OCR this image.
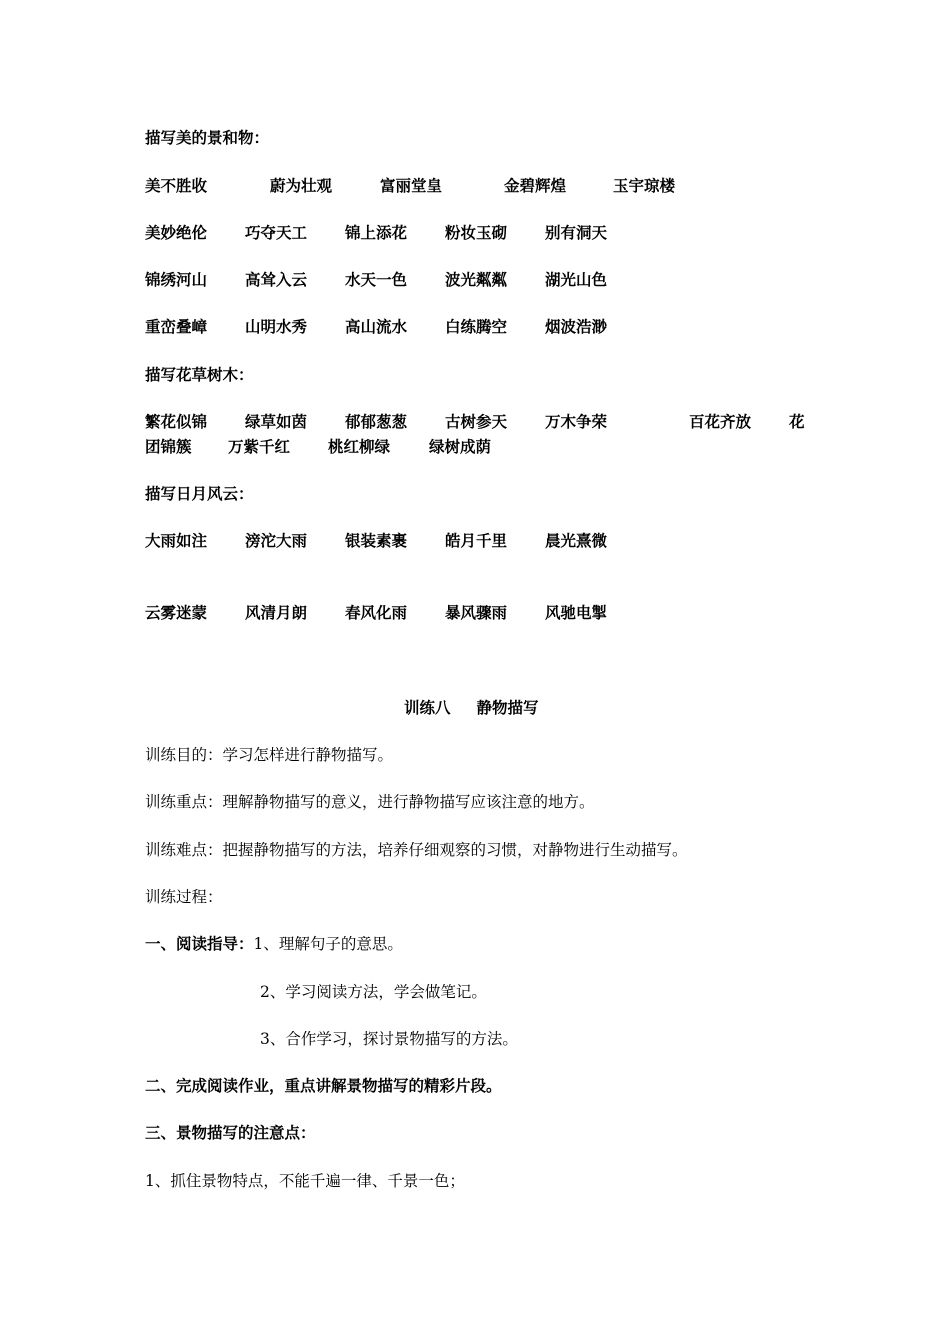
描写美的景和物：
美不胜收	蔚为壮观	富丽堂皇	金碧辉煌	玉宇琼楼
美妙绝伦 巧夺天工 锦上添花 粉妆玉砌 别有洞天
锦绣河山 高耸入云 水天一色 波光粼粼 湖光山色
重峦叠嶂 山明水秀 高山流水 白练腾空 烟波浩渺
描写花草树木：
繁花似锦 绿草如茵 郁郁葱葱 古树参天 万木争荣	百花齐放 花
团锦簇 万紫千红 桃红柳绿	绿树成荫
描写日月风云：
大雨如注 滂沱大雨 银装素裹 皓月千里 晨光熹微
云雾迷蒙 风清月朗 春风化雨 暴风骤雨 风驰电掣
训练八 静物描写
训练目的：学习怎样进行静物描写。
训练重点：理解静物描写的意义，进行静物描写应该注意的地方。
训练难点：把握静物描写的方法，培养仔细观察的习惯，对静物进行生动描写。
训练过程：
一、阅读指导：1、理解句子的意思。
2、学习阅读方法，学会做笔记。
3、合作学习，探讨景物描写的方法。
二、完成阅读作业，重点讲解景物描写的精彩片段。
三、景物描写的注意点：
1、抓住景物特点，不能千遍一律、千景一色；
